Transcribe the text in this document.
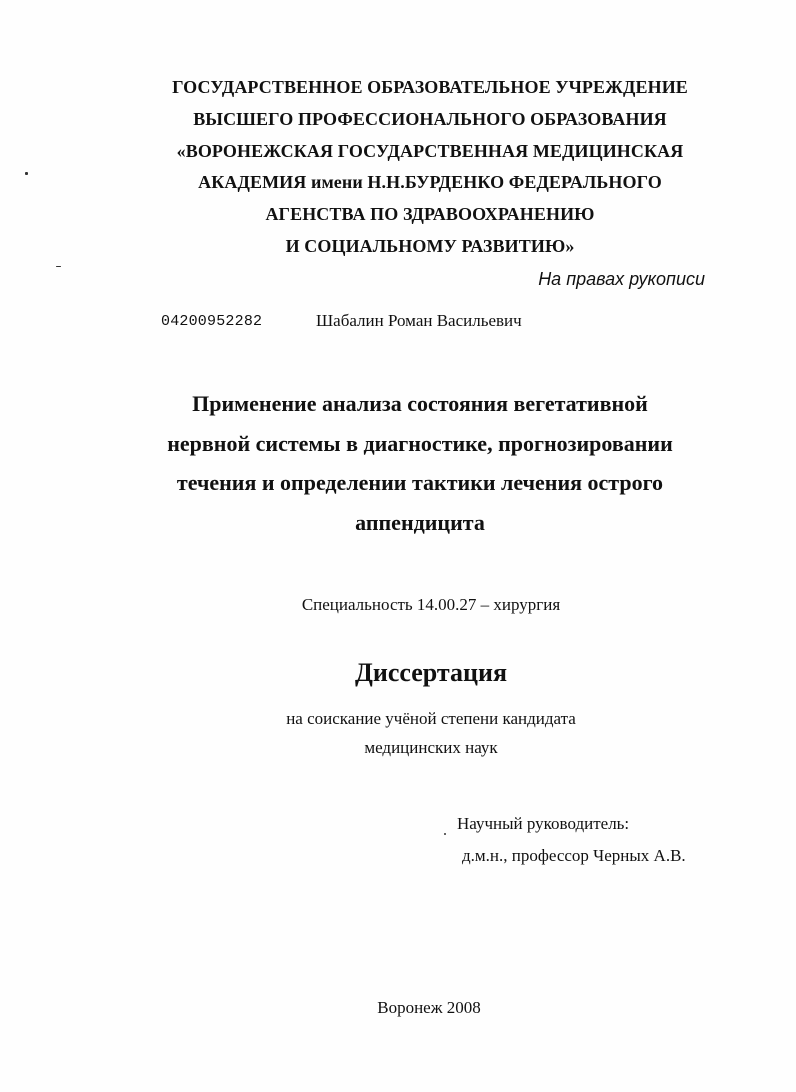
ГОСУДАРСТВЕННОЕ ОБРАЗОВАТЕЛЬНОЕ УЧРЕЖДЕНИЕ
ВЫСШЕГО ПРОФЕССИОНАЛЬНОГО ОБРАЗОВАНИЯ
«ВОРОНЕЖСКАЯ ГОСУДАРСТВЕННАЯ МЕДИЦИНСКАЯ
АКАДЕМИЯ имени Н.Н.БУРДЕНКО ФЕДЕРАЛЬНОГО
АГЕНСТВА ПО ЗДРАВООХРАНЕНИЮ
И СОЦИАЛЬНОМУ РАЗВИТИЮ»
На правах рукописи
04200952282	Шабалин Роман Васильевич
Применение анализа состояния вегетативной
нервной системы в диагностике, прогнозировании
течения и определении тактики лечения острого
аппендицита
Специальность 14.00.27 – хирургия
Диссертация
на соискание учёной степени кандидата
медицинских наук
Научный руководитель:
д.м.н., профессор Черных А.В.
Воронеж 2008
